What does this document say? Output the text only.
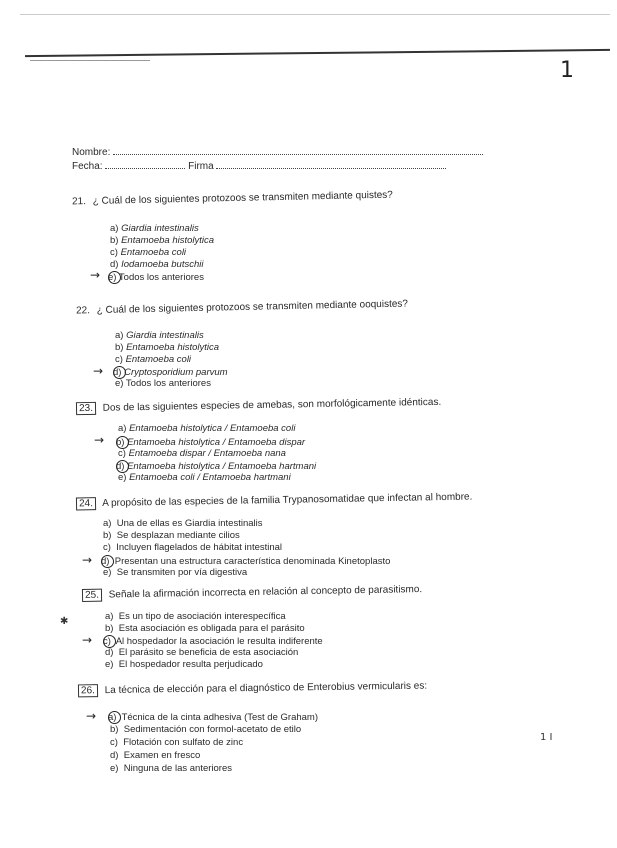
1
Nombre:
Fecha:	Firma
21. ¿ Cuál de los siguientes protozoos se transmiten mediante quistes?
a) Giardia intestinalis
b) Entamoeba histolytica
c) Entamoeba coli
d) Iodamoeba butschii
→ e) Todos los anteriores
22. ¿ Cuál de los siguientes protozoos se transmiten mediante ooquistes?
a) Giardia intestinalis
b) Entamoeba histolytica
c) Entamoeba coli
→ d) Cryptosporidium parvum
e) Todos los anteriores
23. Dos de las siguientes especies de amebas, son morfológicamente idénticas.
a) Entamoeba histolytica / Entamoeba coli
→ b) Entamoeba histolytica / Entamoeba dispar
c) Entamoeba dispar / Entamoeba nana
d) Entamoeba histolytica / Entamoeba hartmani
e) Entamoeba coli / Entamoeba hartmani
24. A propósito de las especies de la familia Trypanosomatidae que infectan al hombre.
a) Una de ellas es Giardia intestinalis
b) Se desplazan mediante cilios
c) Incluyen flagelados de hábitat intestinal
→ d) Presentan una estructura característica denominada Kinetoplasto
e) Se transmiten por vía digestiva
25. Señale la afirmación incorrecta en relación al concepto de parasitismo.
✱	a) Es un tipo de asociación interespecífica
b) Esta asociación es obligada para el parásito
→ c) Al hospedador la asociación le resulta indiferente
d) El parásito se beneficia de esta asociación
e) El hospedador resulta perjudicado
26. La técnica de elección para el diagnóstico de Enterobius vermicularis es:
→ a) Técnica de la cinta adhesiva (Test de Graham)
b) Sedimentación con formol-acetato de etilo
c) Flotación con sulfato de zinc
d) Examen en fresco
e) Ninguna de las anteriores
1 I
